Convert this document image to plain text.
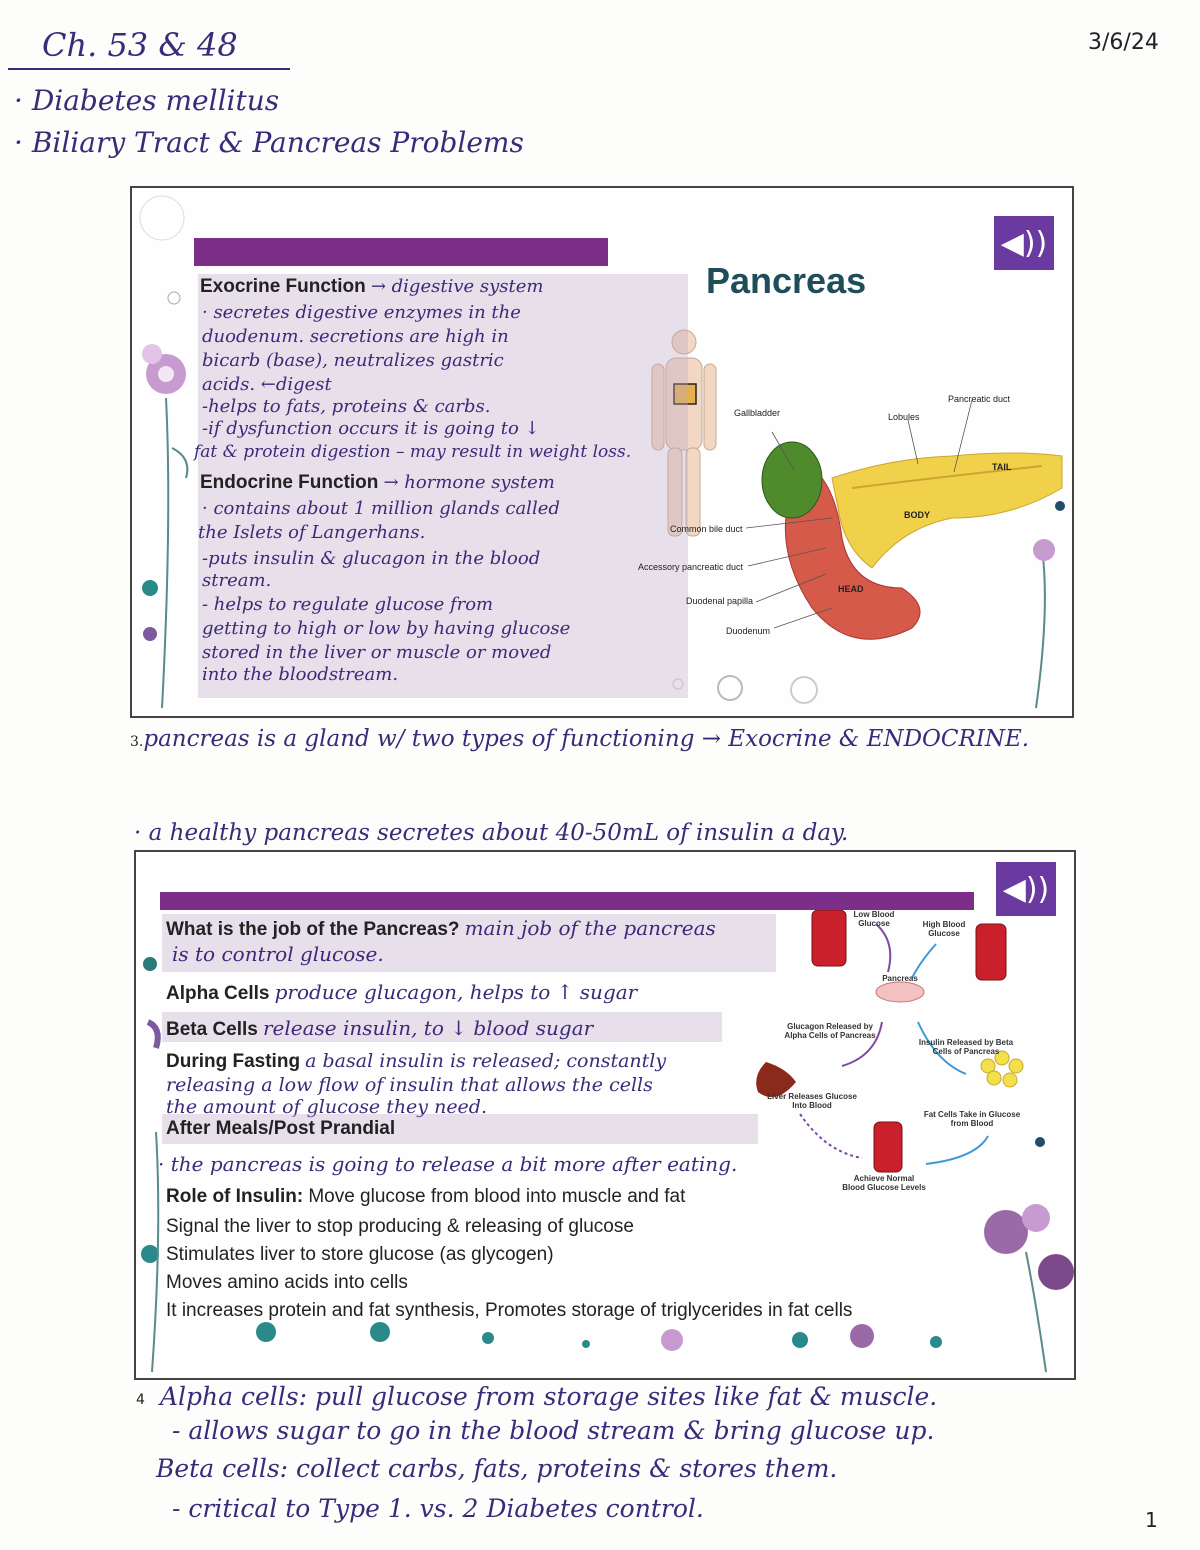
Ch. 53 & 48	3/6/24
· Diabetes mellitus
· Biliary Tract & Pancreas Problems
◀))
Pancreas
Exocrine Function → digestive system
· secretes digestive enzymes in the
duodenum. secretions are high in
bicarb (base), neutralizes gastric
acids. ←digest
-helps to fats, proteins & carbs.
-if dysfunction occurs it is going to ↓
fat & protein digestion – may result in weight loss.
Endocrine Function → hormone system
· contains about 1 million glands called
the Islets of Langerhans.
-puts insulin & glucagon in the blood
stream.
- helps to regulate glucose from
getting to high or low by having glucose
stored in the liver or muscle or moved
into the bloodstream.
Gallbladder	Lobules
Pancreatic duct
TAIL
BODY
HEAD
Common bile duct
Accessory pancreatic duct
Duodenal papilla
Duodenum
3.pancreas is a gland w/ two types of functioning → Exocrine & ENDOCRINE.
· a healthy pancreas secretes about 40-50mL of insulin a day.
◀))
What is the job of the Pancreas? main job of the pancreas
is to control glucose.
Alpha Cells produce glucagon, helps to ↑ sugar
Beta Cells release insulin, to ↓ blood sugar
During Fasting a basal insulin is released; constantly
releasing a low flow of insulin that allows the cells
the amount of glucose they need.
After Meals/Post Prandial
· the pancreas is going to release a bit more after eating.
Role of Insulin: Move glucose from blood into muscle and fat
Signal the liver to stop producing & releasing of glucose
Stimulates liver to store glucose (as glycogen)
Moves amino acids into cells
It increases protein and fat synthesis, Promotes storage of triglycerides in fat cells
Low Blood Glucose	High Blood Glucose
Pancreas
Glucagon Released by Alpha Cells of Pancreas
Insulin Released by Beta Cells of Pancreas
Liver Releases Glucose Into Blood
Fat Cells Take in Glucose from Blood
Achieve Normal Blood Glucose Levels
4 Alpha cells: pull glucose from storage sites like fat & muscle.
- allows sugar to go in the blood stream & bring glucose up.
Beta cells: collect carbs, fats, proteins & stores them.
- critical to Type 1. vs. 2 Diabetes control.	1
